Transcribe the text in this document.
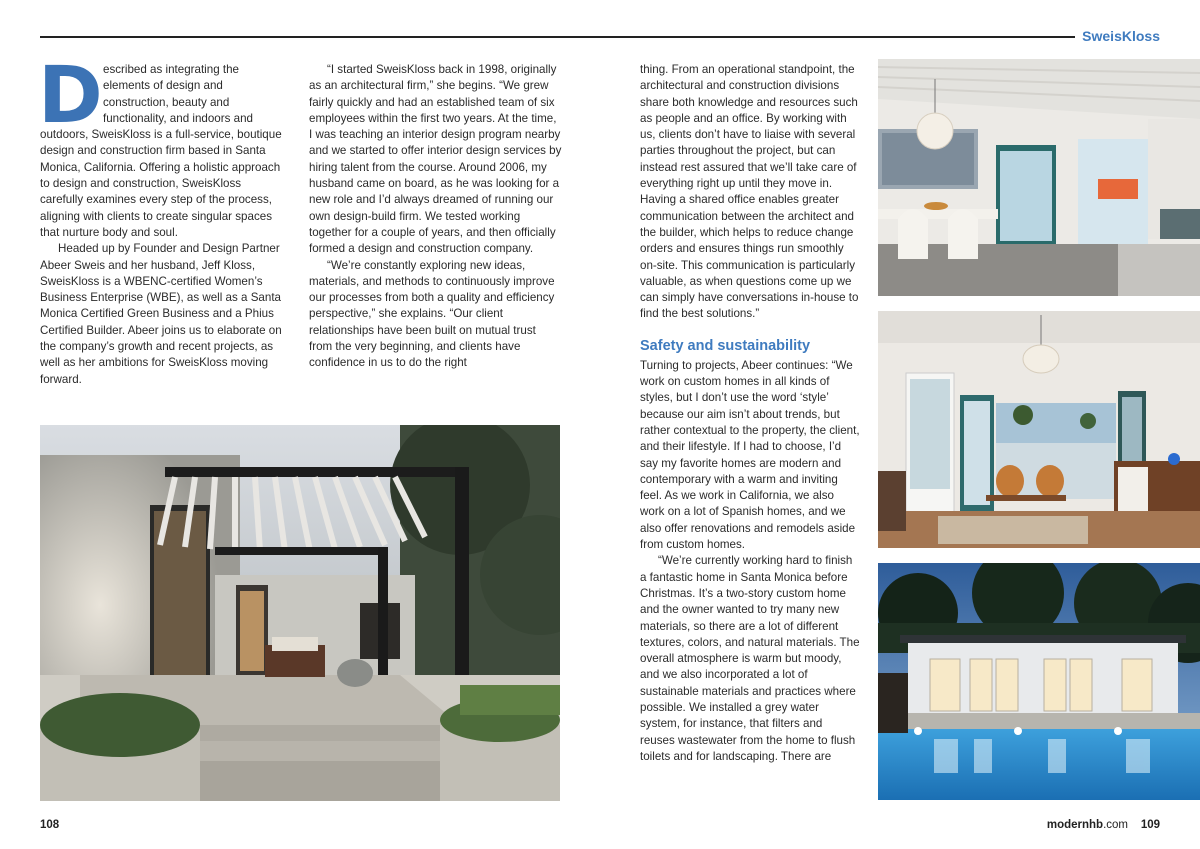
SweisKloss
D escribed as integrating the elements of design and construction, beauty and functionality, and indoors and outdoors, SweisKloss is a full-service, boutique design and construction firm based in Santa Monica, California. Offering a holistic approach to design and construction, SweisKloss carefully examines every step of the process, aligning with clients to create singular spaces that nurture body and soul.

Headed up by Founder and Design Partner Abeer Sweis and her husband, Jeff Kloss, SweisKloss is a WBENC-certified Women’s Business Enterprise (WBE), as well as a Santa Monica Certified Green Business and a Phius Certified Builder. Abeer joins us to elaborate on the company’s growth and recent projects, as well as her ambitions for SweisKloss moving forward.

“I started SweisKloss back in 1998, originally as an architectural firm,” she begins. “We grew fairly quickly and had an established team of six employees within the first two years. At the time, I was teaching an interior design program nearby and we started to offer interior design services by hiring talent from the course. Around 2006, my husband came on board, as he was looking for a new role and I’d always dreamed of running our own design-build firm. We tested working together for a couple of years, and then officially formed a design and construction company.

“We’re constantly exploring new ideas, materials, and methods to continuously improve our processes from both a quality and efficiency perspective,” she explains. “Our client relationships have been built on mutual trust from the very beginning, and clients have confidence in us to do the right

thing. From an operational standpoint, the architectural and construction divisions share both knowledge and resources such as people and an office. By working with us, clients don’t have to liaise with several parties throughout the project, but can instead rest assured that we’ll take care of everything right up until they move in. Having a shared office enables greater communication between the architect and the builder, which helps to reduce change orders and ensures things run smoothly on-site. This communication is particularly valuable, as when questions come up we can simply have conversations in-house to find the best solutions.”

Safety and sustainability

Turning to projects, Abeer continues: “We work on custom homes in all kinds of styles, but I don’t use the word ‘style’ because our aim isn’t about trends, but rather contextual to the property, the client, and their lifestyle. If I had to choose, I’d say my favorite homes are modern and contemporary with a warm and inviting feel. As we work in California, we also work on a lot of Spanish homes, and we also offer renovations and remodels aside from custom homes.

“We’re currently working hard to finish a fantastic home in Santa Monica before Christmas. It’s a two-story custom home and the owner wanted to try many new materials, so there are a lot of different textures, colors, and natural materials. The overall atmosphere is warm but moody, and we also incorporated a lot of sustainable materials and practices where possible. We installed a grey water system, for instance, that filters and reuses wastewater from the home to flush toilets and for landscaping. There are

108	modernhb.com 109
